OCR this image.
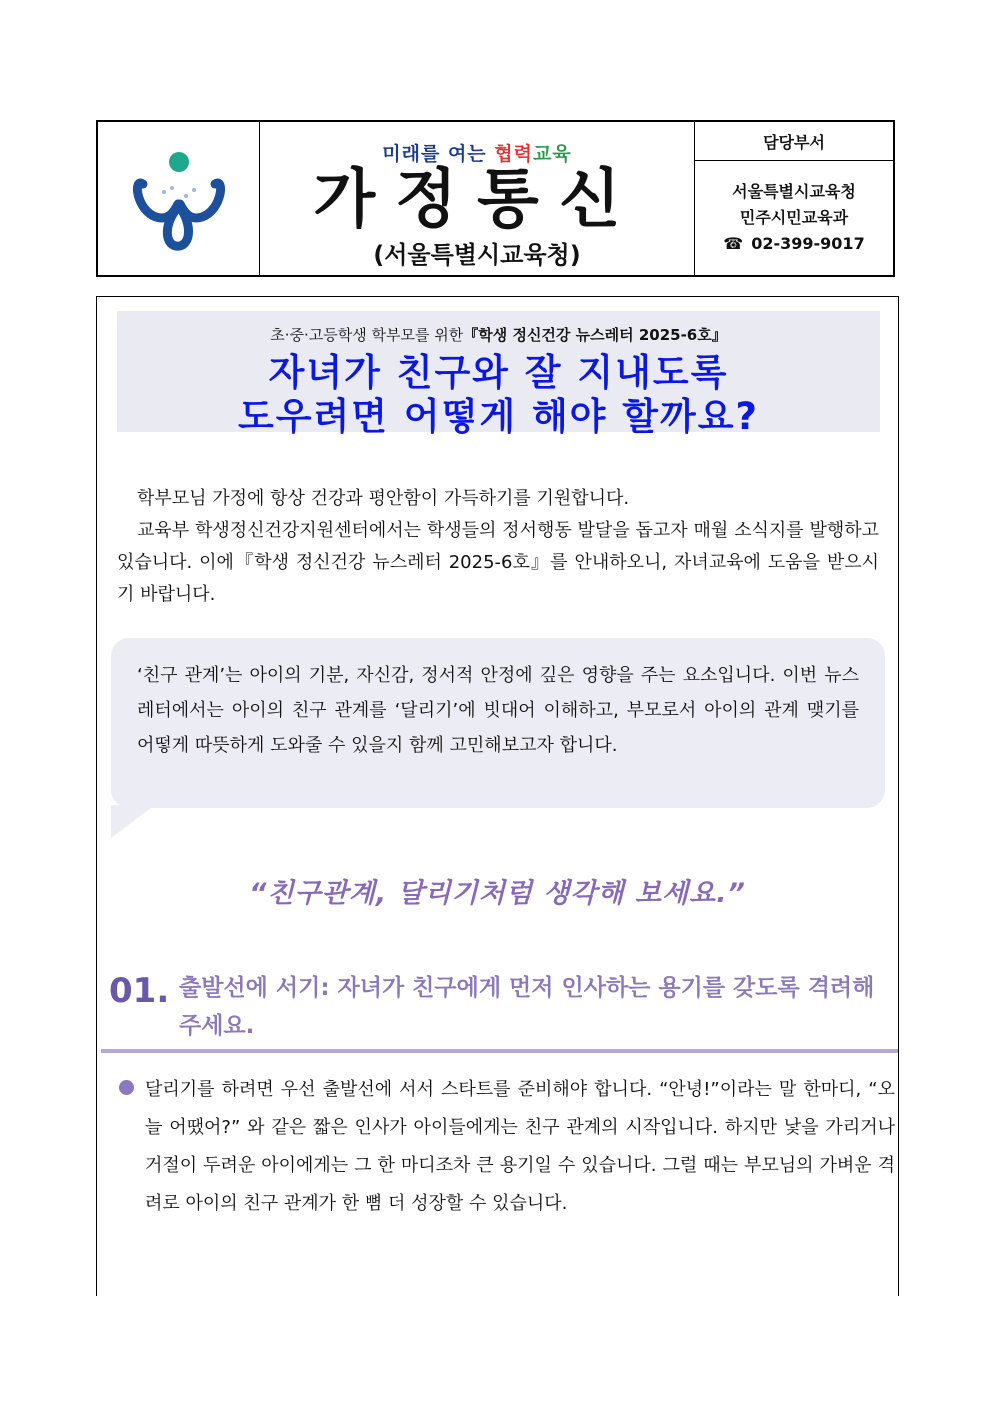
미래를 여는 협력교육
가정통신
(서울특별시교육청)
담당부서
서울특별시교육청
민주시민교육과
☎ 02-399-9017
초·중·고등학생 학부모를 위한『학생 정신건강 뉴스레터 2025-6호』
자녀가 친구와 잘 지내도록
도우려면 어떻게 해야 할까요?

학부모님 가정에 항상 건강과 평안함이 가득하기를 기원합니다.

교육부 학생정신건강지원센터에서는 학생들의 정서행동 발달을 돕고자 매월 소식지를 발행하고 있습니다. 이에『학생 정신건강 뉴스레터 2025-6호』를 안내하오니, 자녀교육에 도움을 받으시기 바랍니다.

‘친구 관계’는 아이의 기분, 자신감, 정서적 안정에 깊은 영향을 주는 요소입니다. 이번 뉴스레터에서는 아이의 친구 관계를 ‘달리기’에 빗대어 이해하고, 부모로서 아이의 관계 맺기를 어떻게 따뜻하게 도와줄 수 있을지 함께 고민해보고자 합니다.
“친구관계, 달리기처럼 생각해 보세요.”
01. 출발선에 서기: 자녀가 친구에게 먼저 인사하는 용기를 갖도록 격려해 주세요.
달리기를 하려면 우선 출발선에 서서 스타트를 준비해야 합니다. “안녕!”이라는 말 한마디, “오늘 어땠어?” 와 같은 짧은 인사가 아이들에게는 친구 관계의 시작입니다. 하지만 낯을 가리거나 거절이 두려운 아이에게는 그 한 마디조차 큰 용기일 수 있습니다. 그럴 때는 부모님의 가벼운 격려로 아이의 친구 관계가 한 뼘 더 성장할 수 있습니다.
